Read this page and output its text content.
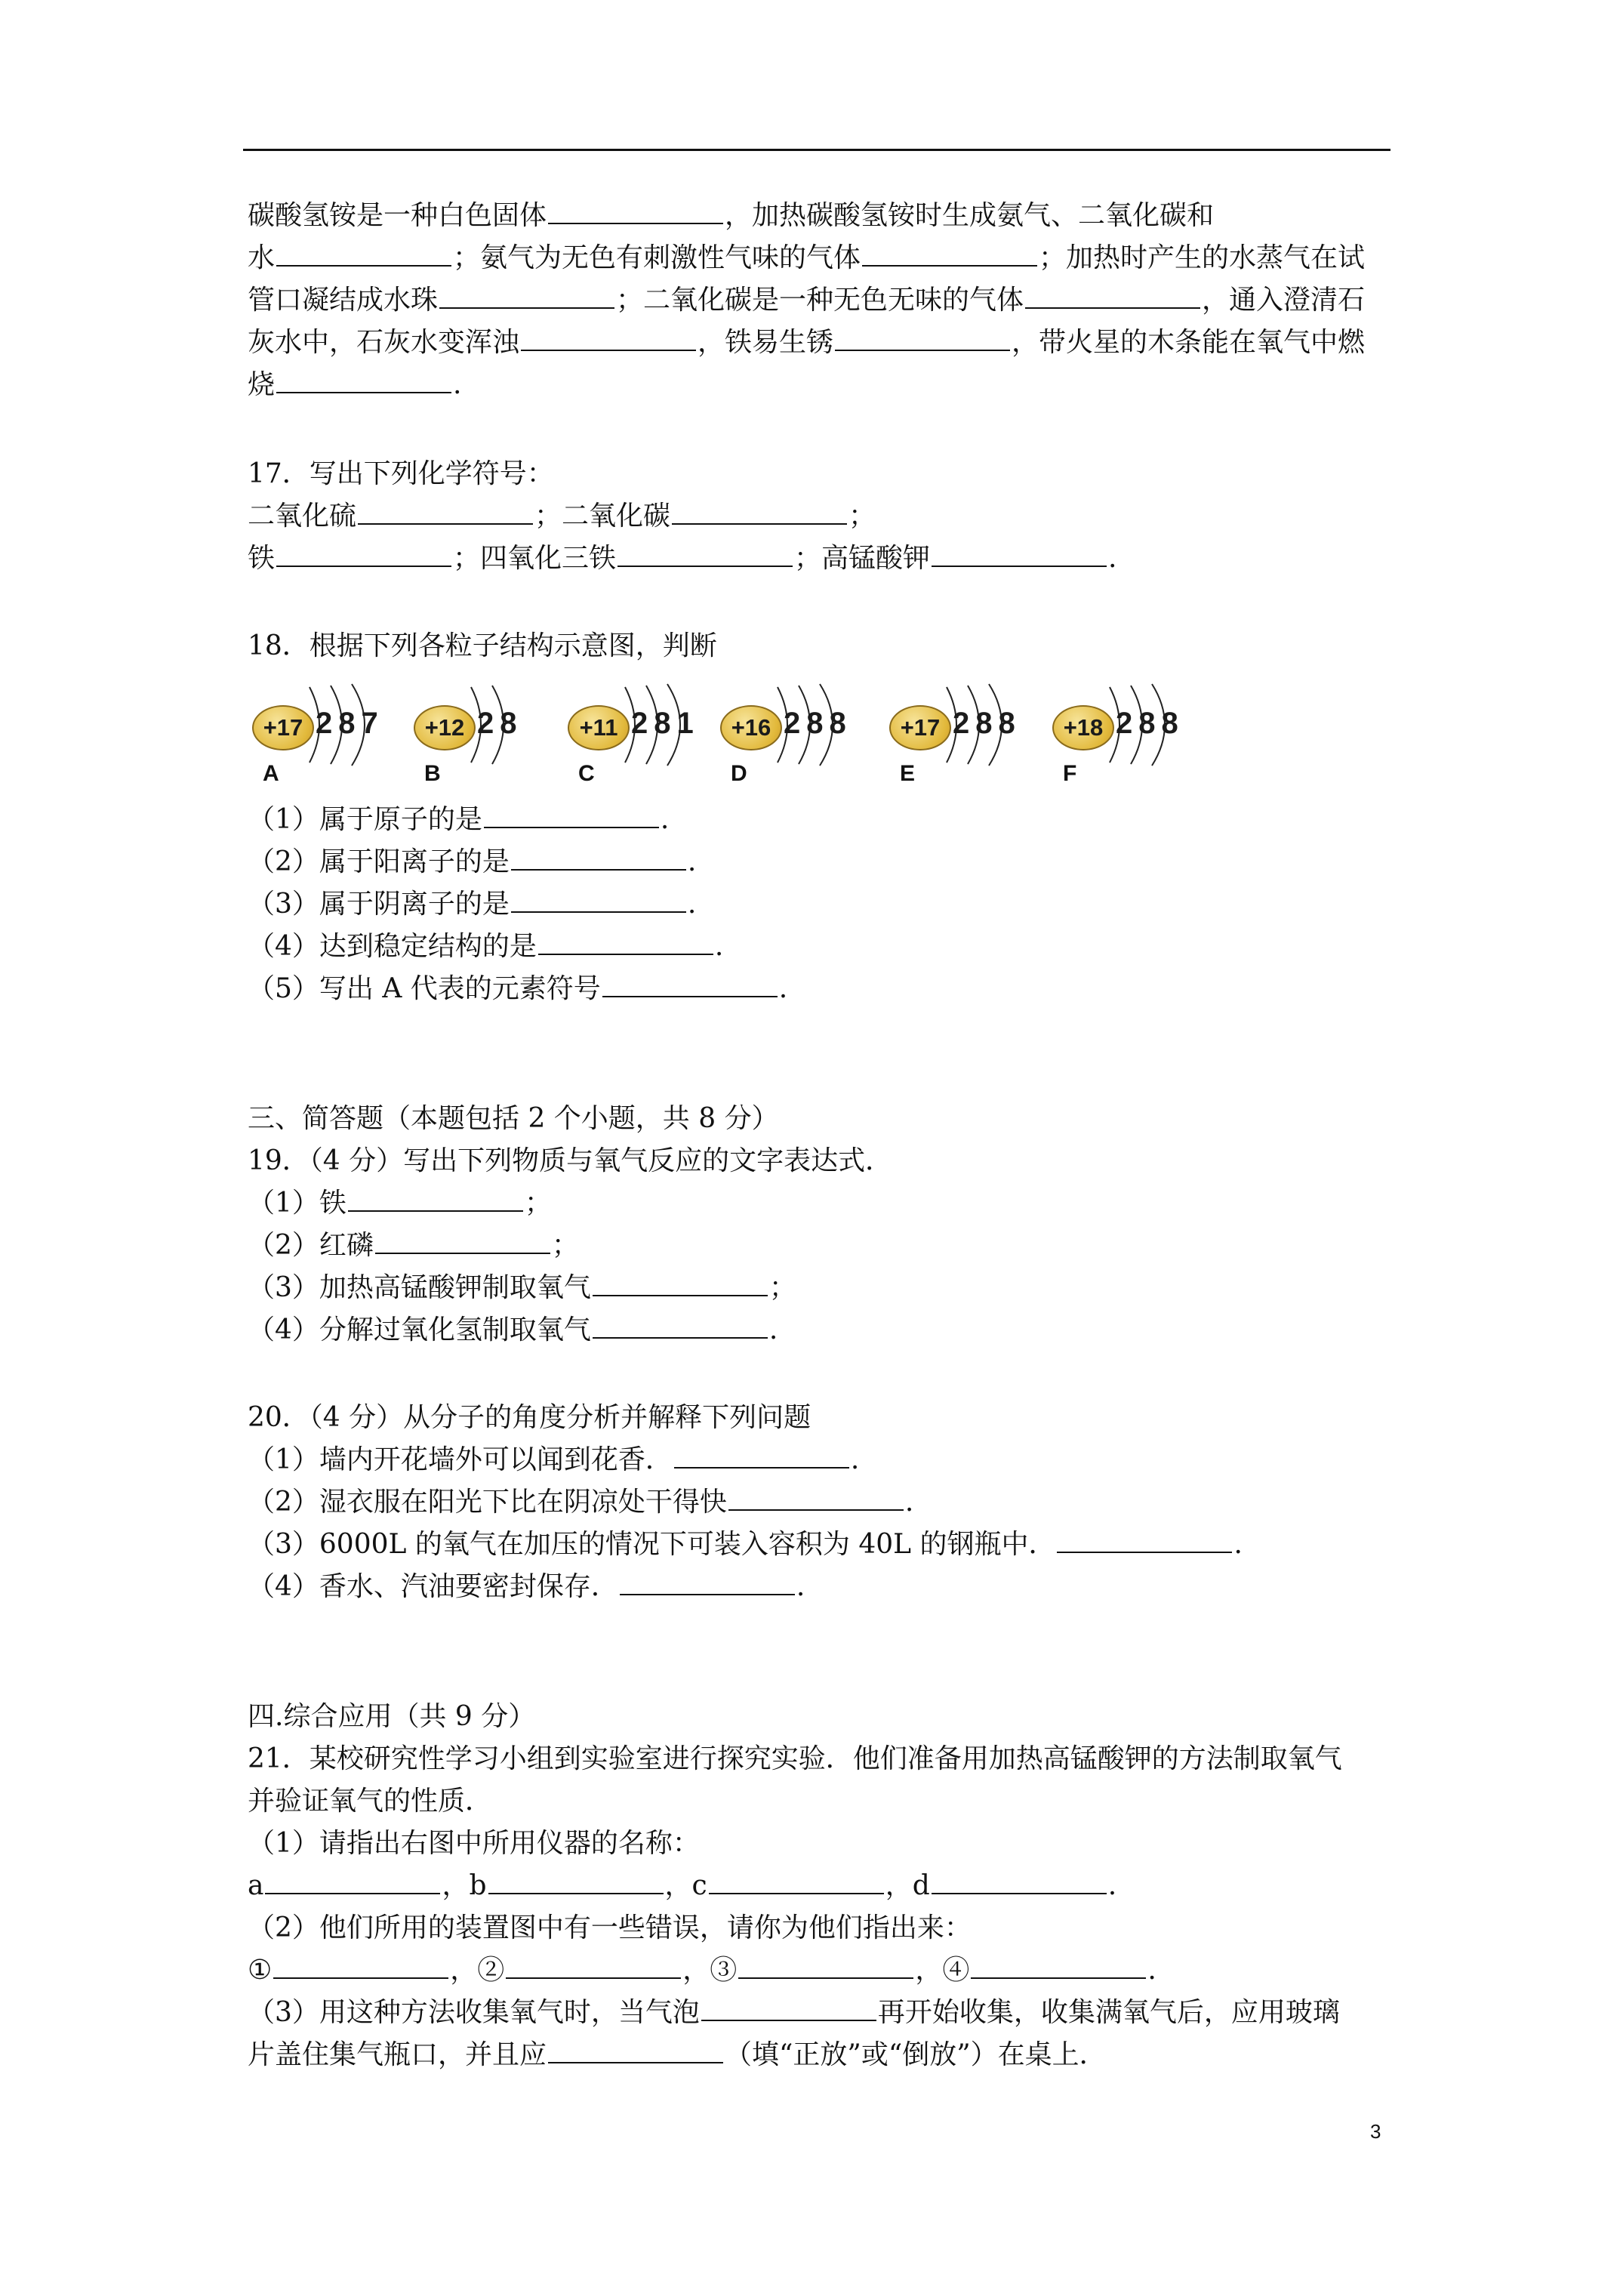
碳酸氢铵是一种白色固体	，加热碳酸氢铵时生成氨气、二氧化碳和
水	；氨气为无色有刺激性气味的气体	；加热时产生的水蒸气在试
管口凝结成水珠	；二氧化碳是一种无色无味的气体	，通入澄清石
灰水中，石灰水变浑浊	，铁易生锈	，带火星的木条能在氧气中燃
烧	.
17．写出下列化学符号：
二氧化硫	；二氧化碳	；
铁	；四氧化三铁	；高锰酸钾	.
18．根据下列各粒子结构示意图，判断
+17 287
A
+12 28
B
+11 281
C
+16 288
D
+17 288
E
+18 288
F
（1）属于原子的是	.
（2）属于阳离子的是	.
（3）属于阴离子的是	.
（4）达到稳定结构的是	.
（5）写出 A 代表的元素符号	.
三、简答题（本题包括 2 个小题，共 8 分）
19．（4 分）写出下列物质与氧气反应的文字表达式．
（1）铁	；
（2）红磷	；
（3）加热高锰酸钾制取氧气	；
（4）分解过氧化氢制取氧气	.
20．（4 分）从分子的角度分析并解释下列问题
（1）墙内开花墙外可以闻到花香．	.
（2）湿衣服在阳光下比在阴凉处干得快	.
（3）6000L 的氧气在加压的情况下可装入容积为 40L 的钢瓶中．	.
（4）香水、汽油要密封保存．	.
四.综合应用（共 9 分）
21．某校研究性学习小组到实验室进行探究实验．他们准备用加热高锰酸钾的方法制取氧气
并验证氧气的性质．
（1）请指出右图中所用仪器的名称：
a	，b	，c	，d	.
（2）他们所用的装置图中有一些错误，请你为他们指出来：
①	，②	，③	，④	.
（3）用这种方法收集氧气时，当气泡	再开始收集，收集满氧气后，应用玻璃
片盖住集气瓶口，并且应	（填“正放”或“倒放”）在桌上．
3
